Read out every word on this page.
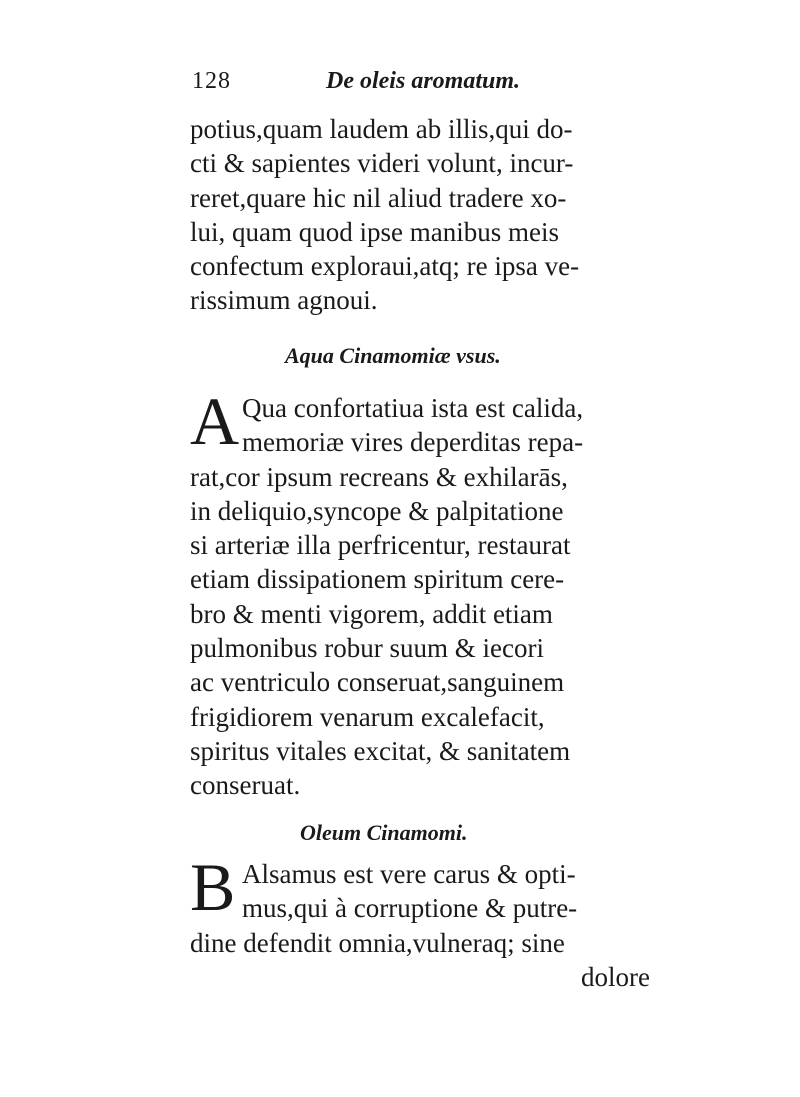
128	De oleis aromatum.
potius,quam laudem ab illis,qui do-
cti & sapientes videri volunt, incur-
reret,quare hic nil aliud tradere xo-
lui, quam quod ipse manibus meis
confectum exploraui,atq; re ipsa ve-
rissimum agnoui.
Aqua Cinamomiæ vsus.
A Qua confortatiua ista est calida,
memoriæ vires deperditas repa-
rat,cor ipsum recreans & exhilarās,
in deliquio,syncope & palpitatione
si arteriæ illa perfricentur, restaurat
etiam dissipationem spiritum cere-
bro & menti vigorem, addit etiam
pulmonibus robur suum & iecori
ac ventriculo conseruat,sanguinem
frigidiorem venarum excalefacit,
spiritus vitales excitat, & sanitatem
conseruat.
Oleum Cinamomi.
B Alsamus est vere carus & opti-
mus,qui à corruptione & putre-
dine defendit omnia,vulneraq; sine
dolore
